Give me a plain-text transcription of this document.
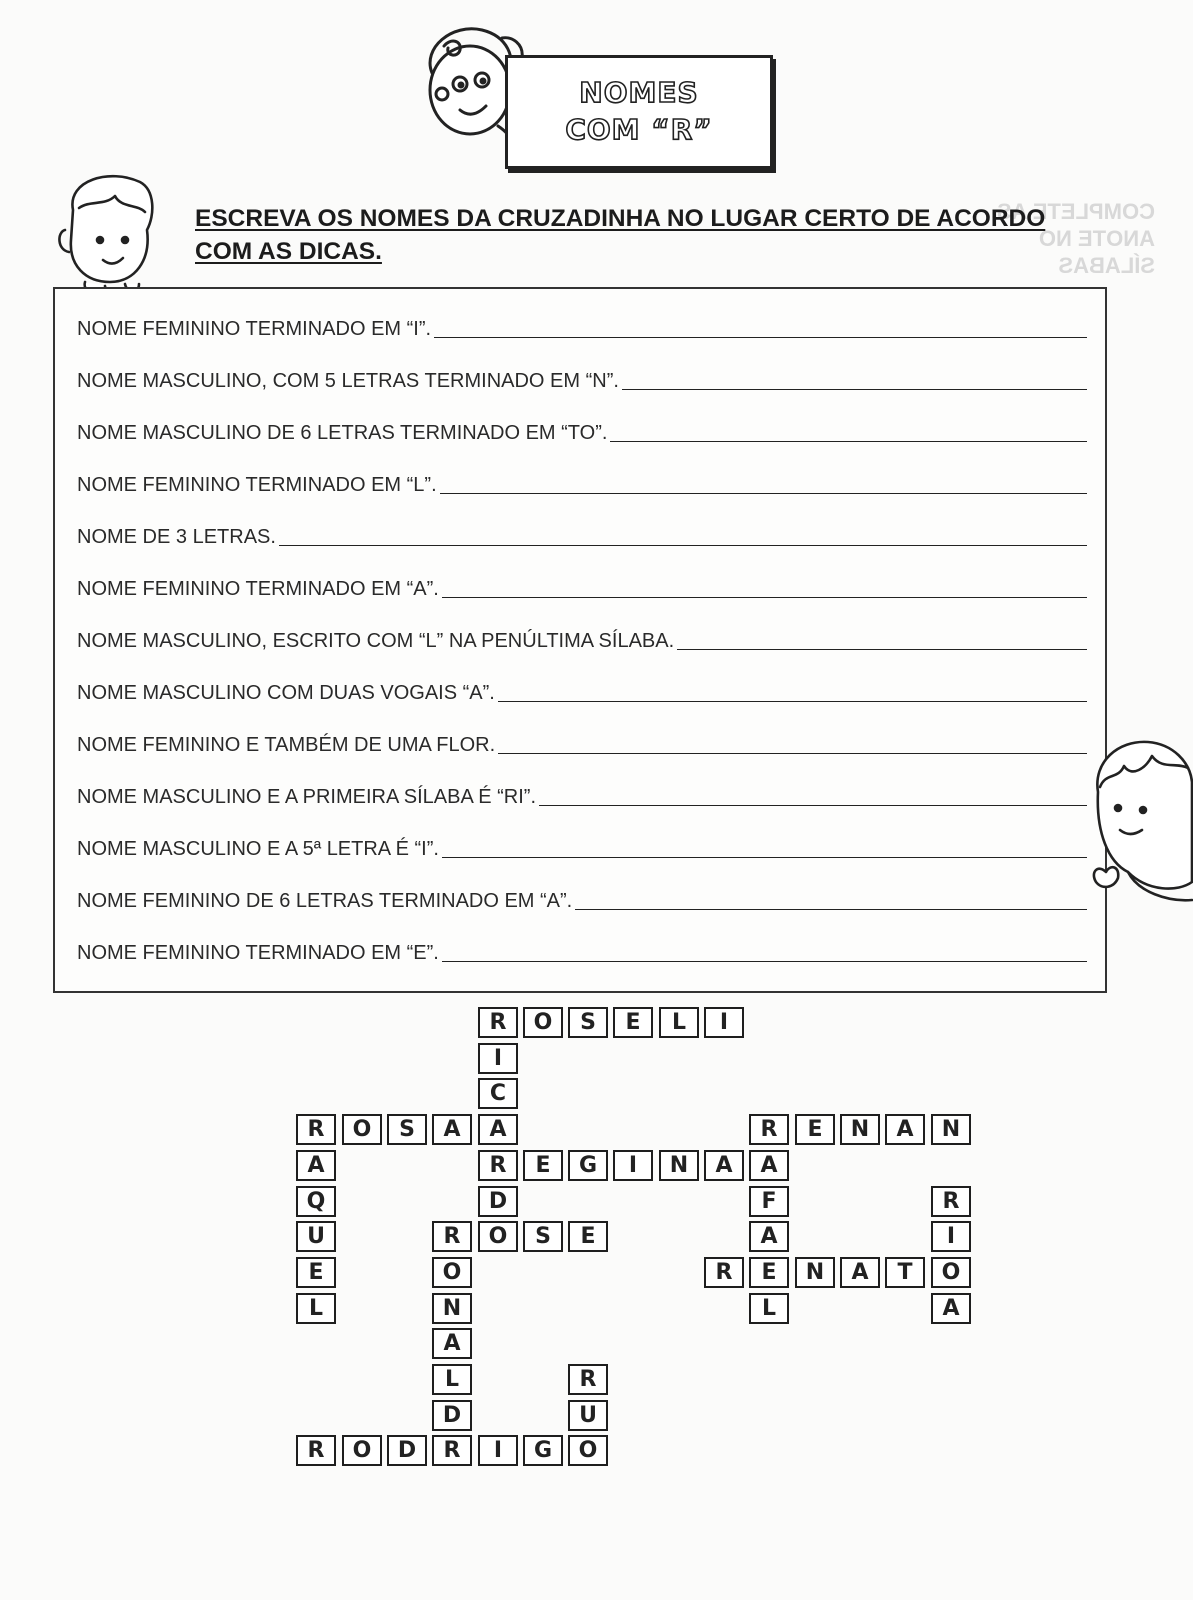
NOMES
COM “R”
COMPLETE AS
ANOTE NO
SÍLABAS
ESCREVA OS NOMES DA CRUZADINHA NO LUGAR CERTO DE ACORDO COM AS DICAS.
NOME FEMININO TERMINADO EM “I”.
NOME MASCULINO, COM 5 LETRAS TERMINADO EM “N”.
NOME MASCULINO DE 6 LETRAS TERMINADO EM “TO”.
NOME FEMININO TERMINADO EM “L”.
NOME DE 3 LETRAS.
NOME FEMININO TERMINADO EM “A”.
NOME MASCULINO, ESCRITO COM “L” NA PENÚLTIMA SÍLABA.
NOME MASCULINO COM DUAS VOGAIS “A”.
NOME FEMININO E TAMBÉM DE UMA FLOR.
NOME MASCULINO E A PRIMEIRA SÍLABA É “RI”.
NOME MASCULINO E A 5ª LETRA É “I”.
NOME FEMININO DE 6 LETRAS TERMINADO EM “A”.
NOME FEMININO TERMINADO EM “E”.
R	O	S	E	L	I
I
C
A
R
D
O
R	O	S	A
A
Q
U
E
L
E	G	I	N	A
R	E	N	A	N
A
F
A
E
L
R
I
O
A
R	S	E
O
N
A
L
D
R
R	N	A	T
R
U
O
R	O	D	I	G
